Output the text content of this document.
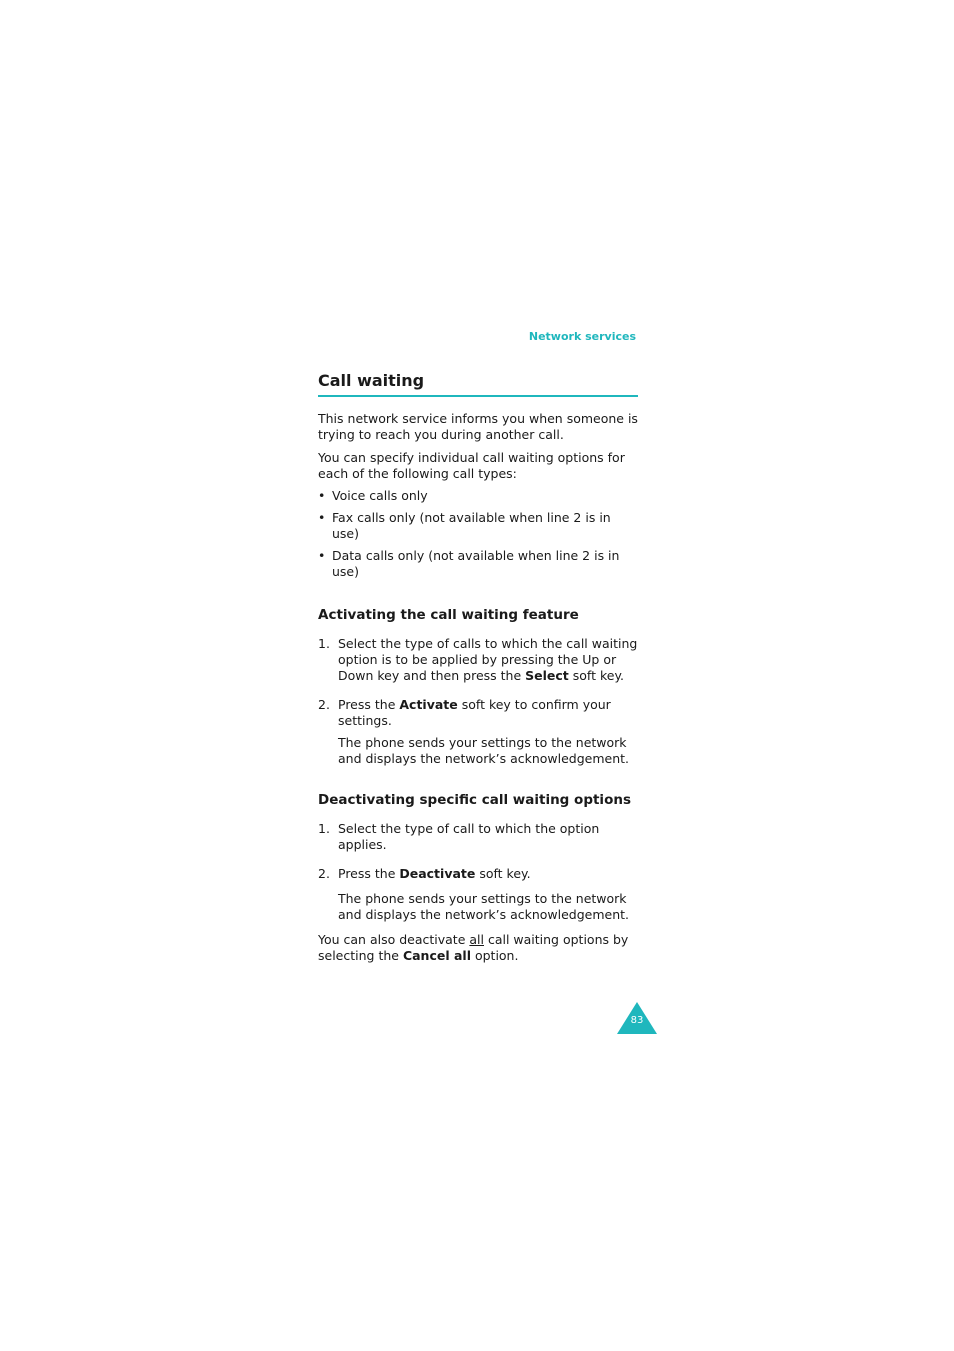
Network services
Call waiting

This network service informs you when someone is trying to reach you during another call.

You can specify individual call waiting options for each of the following call types:

• Voice calls only
• Fax calls only (not available when line 2 is in use)
• Data calls only (not available when line 2 is in use)
Activating the call waiting feature
1. Select the type of calls to which the call waiting option is to be applied by pressing the Up or Down key and then press the Select soft key.
2. Press the Activate soft key to confirm your settings.

The phone sends your settings to the network and displays the network’s acknowledgement.

Deactivating specific call waiting options
1. Select the type of call to which the option applies.
2. Press the Deactivate soft key.

The phone sends your settings to the network and displays the network’s acknowledgement.

You can also deactivate all call waiting options by selecting the Cancel all option.

83
